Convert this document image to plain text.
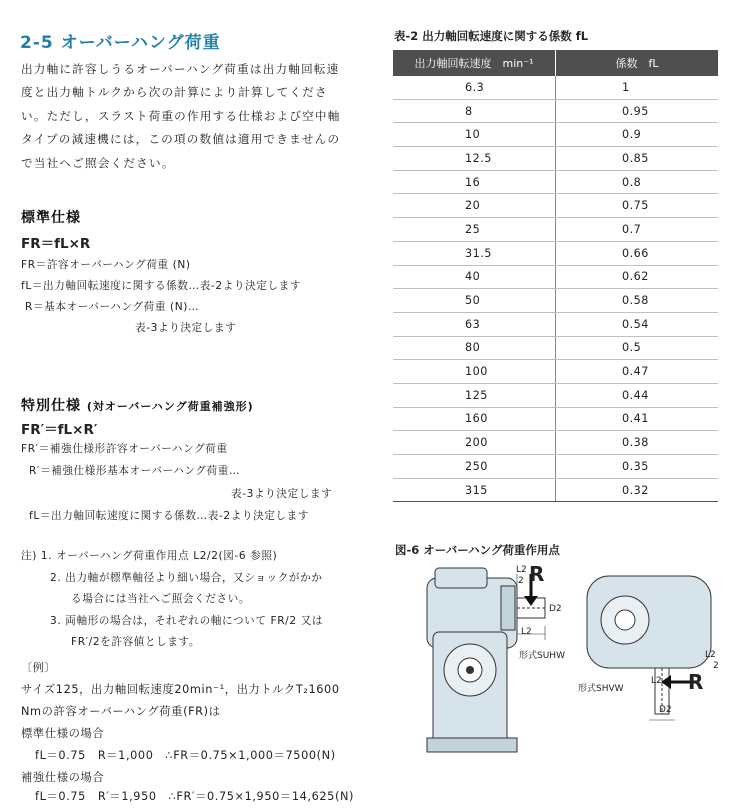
2-5 オーバーハング荷重

出力軸に許容しうるオーバーハング荷重は出力軸回転速

度と出力軸トルクから次の計算により計算してくださ

い。ただし，スラスト荷重の作用する仕様および空中軸

タイプの減速機には，この項の数値は適用できませんの

で当社へご照会ください。

標準仕様
FR＝fL×R
FR＝許容オーバーハング荷重 (N)
fL＝出力軸回転速度に関する係数…表-2より決定します
R＝基本オーバーハング荷重 (N)…
表-3より決定します
特別仕様 (対オーバーハング荷重補強形)
FR′＝fL×R′
FR′＝補強仕様形許容オーバーハング荷重
R′＝補強仕様形基本オーバーハング荷重…
表-3より決定します
fL＝出力軸回転速度に関する係数…表-2より決定します
注) 1. オーバーハング荷重作用点 L2/2(図-6 参照)
2. 出力軸が標準軸径より細い場合，又ショックがかか
る場合には当社へご照会ください。
3. 両軸形の場合は，それぞれの軸について FR/2 又は
FR′/2を許容値とします。
〔例〕
サイズ125，出力軸回転速度20min⁻¹，出力トルクT₂1600
Nmの許容オーバーハング荷重(FR)は
標準仕様の場合
fL＝0.75　R＝1,000　∴FR＝0.75×1,000＝7500(N)
補強仕様の場合
fL＝0.75　R′＝1,950　∴FR′＝0.75×1,950＝14,625(N)
表-2 出力軸回転速度に関する係数 fL
出力軸回転速度　min⁻¹	係数　fL
6.3	1
8	0.95
10	0.9
12.5	0.85
16	0.8
20	0.75
25	0.7
31.5	0.66
40	0.62
50	0.58
63	0.54
80	0.5
100	0.47
125	0.44
160	0.41
200	0.38
250	0.35
315	0.32
図-6 オーバーハング荷重作用点
R
L2
2
D2
L2
形式SUHW	L2
2
L2 R
形式SHVW
D2
